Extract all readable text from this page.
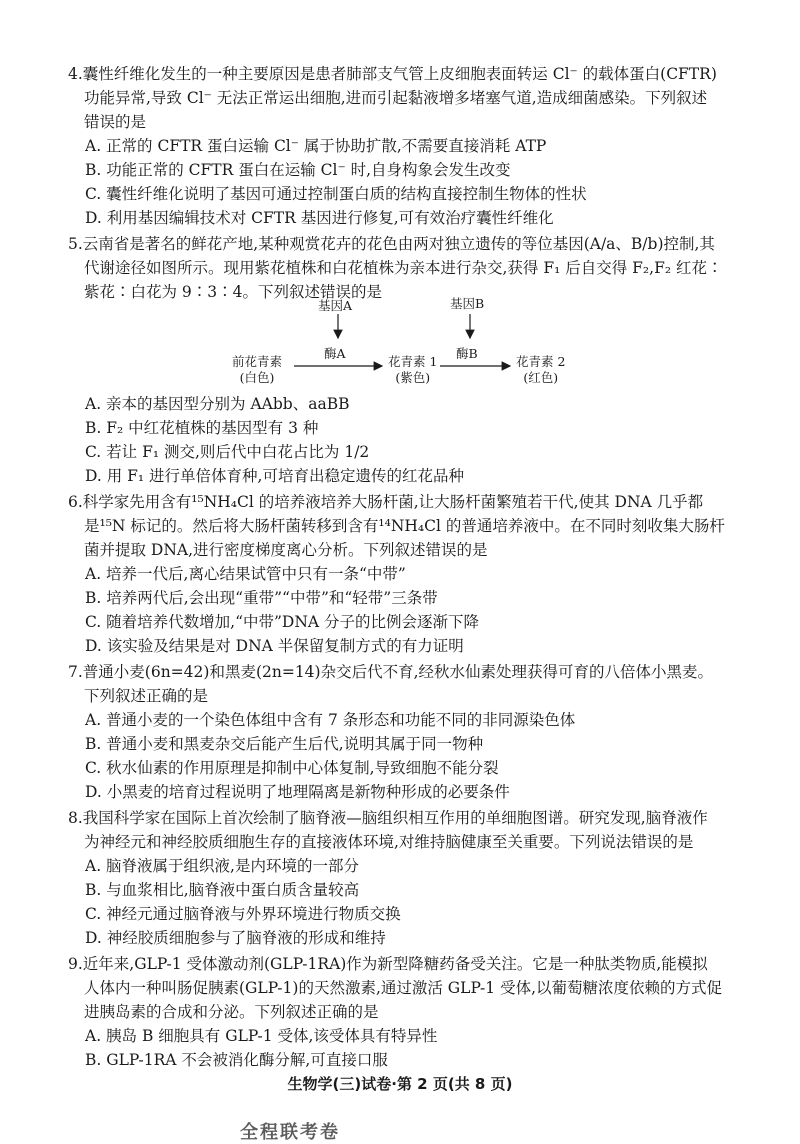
4.囊性纤维化发生的一种主要原因是患者肺部支气管上皮细胞表面转运 Cl⁻ 的载体蛋白(CFTR)
功能异常,导致 Cl⁻ 无法正常运出细胞,进而引起黏液增多堵塞气道,造成细菌感染。下列叙述
错误的是
A. 正常的 CFTR 蛋白运输 Cl⁻ 属于协助扩散,不需要直接消耗 ATP
B. 功能正常的 CFTR 蛋白在运输 Cl⁻ 时,自身构象会发生改变
C. 囊性纤维化说明了基因可通过控制蛋白质的结构直接控制生物体的性状
D. 利用基因编辑技术对 CFTR 基因进行修复,可有效治疗囊性纤维化
5.云南省是著名的鲜花产地,某种观赏花卉的花色由两对独立遗传的等位基因(A/a、B/b)控制,其
代谢途径如图所示。现用紫花植株和白花植株为亲本进行杂交,获得 F₁ 后自交得 F₂,F₂ 红花∶
紫花∶白花为 9∶3∶4。下列叙述错误的是
基因A	基因B
酶A	酶B
前花青素
(白色)
花青素 1
(紫色)
花青素 2
(红色)
A. 亲本的基因型分别为 AAbb、aaBB
B. F₂ 中红花植株的基因型有 3 种
C. 若让 F₁ 测交,则后代中白花占比为 1/2
D. 用 F₁ 进行单倍体育种,可培育出稳定遗传的红花品种
6.科学家先用含有¹⁵NH₄Cl 的培养液培养大肠杆菌,让大肠杆菌繁殖若干代,使其 DNA 几乎都
是¹⁵N 标记的。然后将大肠杆菌转移到含有¹⁴NH₄Cl 的普通培养液中。在不同时刻收集大肠杆
菌并提取 DNA,进行密度梯度离心分析。下列叙述错误的是
A. 培养一代后,离心结果试管中只有一条“中带”
B. 培养两代后,会出现“重带”“中带”和“轻带”三条带
C. 随着培养代数增加,“中带”DNA 分子的比例会逐渐下降
D. 该实验及结果是对 DNA 半保留复制方式的有力证明
7.普通小麦(6n=42)和黑麦(2n=14)杂交后代不育,经秋水仙素处理获得可育的八倍体小黑麦。
下列叙述正确的是
A. 普通小麦的一个染色体组中含有 7 条形态和功能不同的非同源染色体
B. 普通小麦和黑麦杂交后能产生后代,说明其属于同一物种
C. 秋水仙素的作用原理是抑制中心体复制,导致细胞不能分裂
D. 小黑麦的培育过程说明了地理隔离是新物种形成的必要条件
8.我国科学家在国际上首次绘制了脑脊液—脑组织相互作用的单细胞图谱。研究发现,脑脊液作
为神经元和神经胶质细胞生存的直接液体环境,对维持脑健康至关重要。下列说法错误的是
A. 脑脊液属于组织液,是内环境的一部分
B. 与血浆相比,脑脊液中蛋白质含量较高
C. 神经元通过脑脊液与外界环境进行物质交换
D. 神经胶质细胞参与了脑脊液的形成和维持
9.近年来,GLP-1 受体激动剂(GLP-1RA)作为新型降糖药备受关注。它是一种肽类物质,能模拟
人体内一种叫肠促胰素(GLP-1)的天然激素,通过激活 GLP-1 受体,以葡萄糖浓度依赖的方式促
进胰岛素的合成和分泌。下列叙述正确的是
A. 胰岛 B 细胞具有 GLP-1 受体,该受体具有特异性
B. GLP-1RA 不会被消化酶分解,可直接口服
生物学(三)试卷·第 2 页(共 8 页)
全程联考卷
